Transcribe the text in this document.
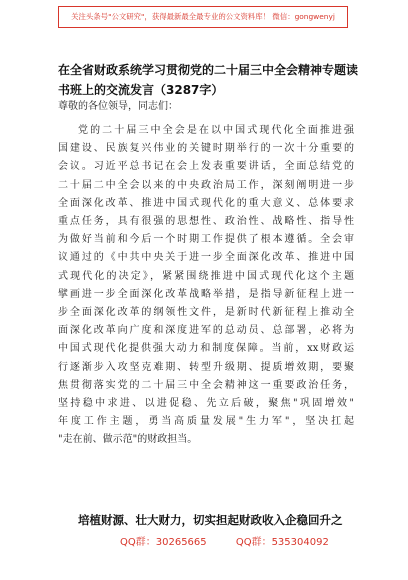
关注头条号"公文研究"，获得最新最全最专业的公文资料库！ 微信：gongwenyj
在全省财政系统学习贯彻党的二十届三中全会精神专题读书班上的交流发言（3287字）
尊敬的各位领导，同志们：
党的二十届三中全会是在以中国式现代化全面推进强
国建设、民族复兴伟业的关键时期举行的一次十分重要的
会议。习近平总书记在会上发表重要讲话，全面总结党的
二十届二中全会以来的中央政治局工作，深刻阐明进一步
全面深化改革、推进中国式现代化的重大意义、总体要求
重点任务，具有很强的思想性、政治性、战略性、指导性
为做好当前和今后一个时期工作提供了根本遵循。全会审
议通过的《中共中央关于进一步全面深化改革、推进中国
式现代化的决定》，紧紧围绕推进中国式现代化这个主题
擘画进一步全面深化改革战略举措，是指导新征程上进一
步全面深化改革的纲领性文件，是新时代新征程上推动全
面深化改革向广度和深度进军的总动员、总部署，必将为
中国式现代化提供强大动力和制度保障。当前，xx财政运
行逐渐步入攻坚克难期、转型升级期、提质增效期，要聚
焦贯彻落实党的二十届三中全会精神这一重要政治任务，
坚持稳中求进、以进促稳、先立后破，聚焦"巩固增效"
年度工作主题，勇当高质量发展"生力军"，坚决扛起
"走在前、做示范"的财政担当。
培植财源、壮大财力，切实担起财政收入企稳回升之
QQ群：30265665	QQ群：535304092
